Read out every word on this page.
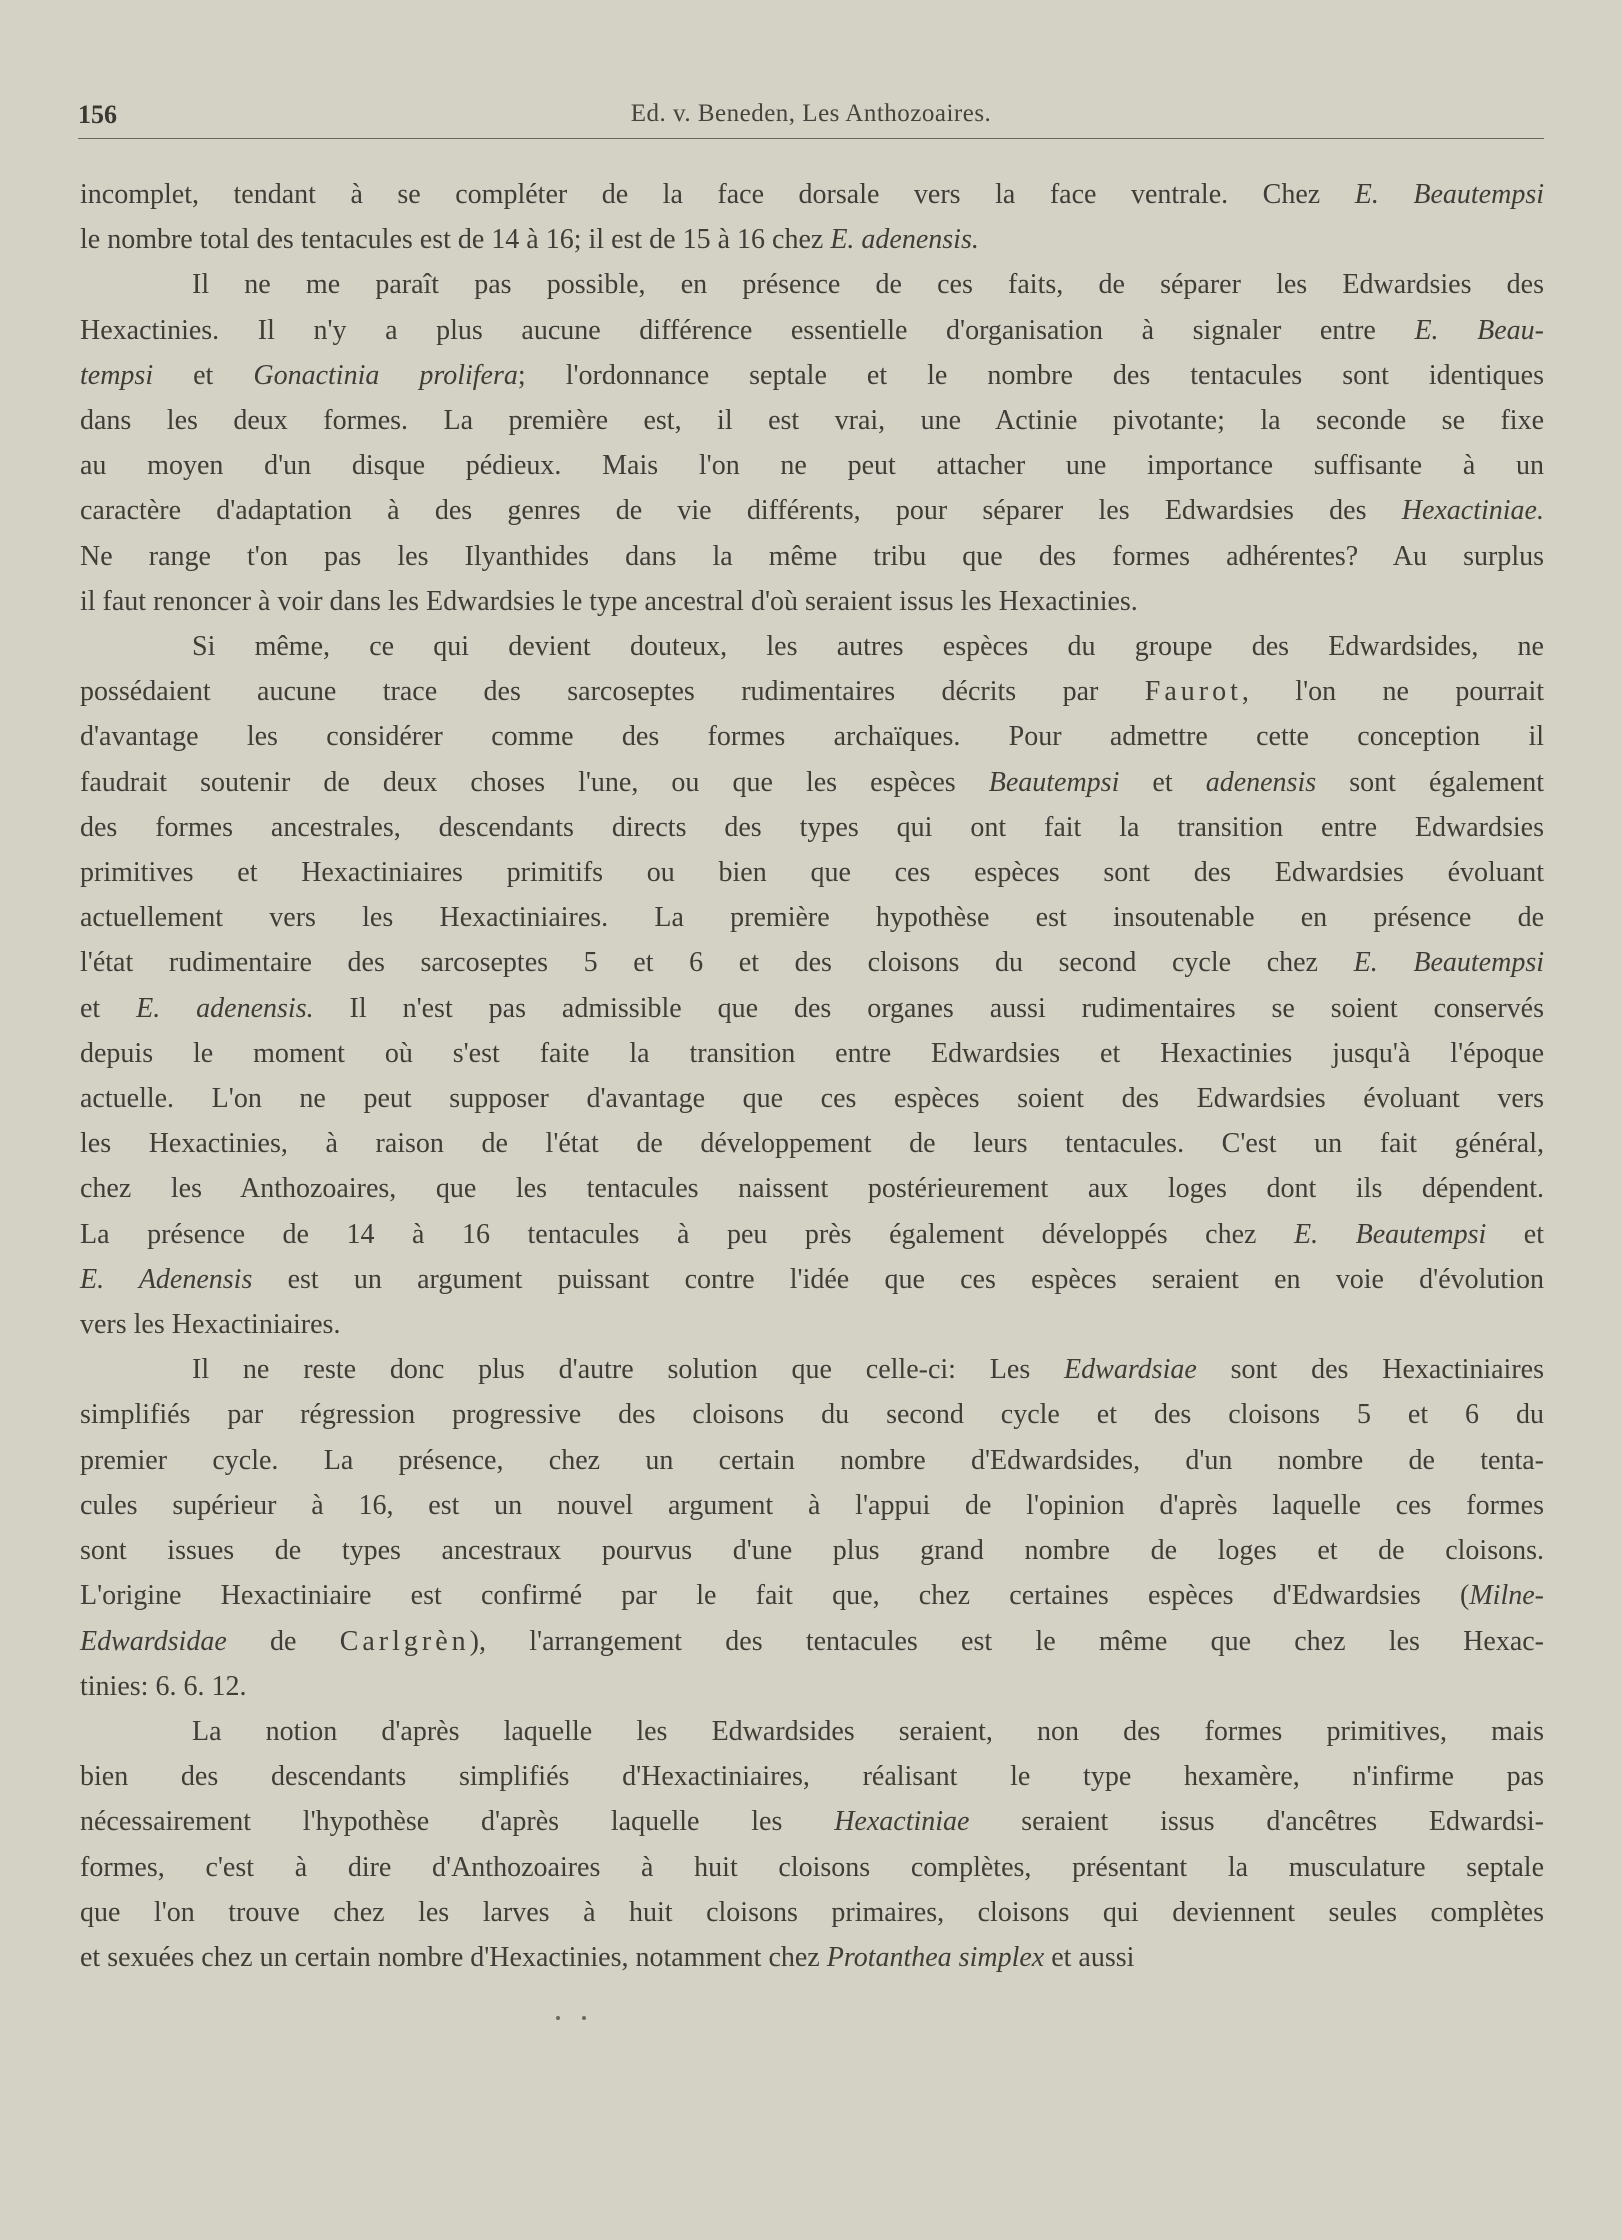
156	Ed. v. Beneden, Les Anthozoaires.

incomplet, tendant à se compléter de la face dorsale vers la face ventrale. Chez E. Beautempsi
le nombre total des tentacules est de 14 à 16; il est de 15 à 16 chez E. adenensis.

Il ne me paraît pas possible, en présence de ces faits, de séparer les Edwardsies des
Hexactinies. Il n'y a plus aucune différence essentielle d'organisation à signaler entre E. Beau-
tempsi et Gonactinia prolifera; l'ordonnance septale et le nombre des tentacules sont identiques
dans les deux formes. La première est, il est vrai, une Actinie pivotante; la seconde se fixe
au moyen d'un disque pédieux. Mais l'on ne peut attacher une importance suffisante à un
caractère d'adaptation à des genres de vie différents, pour séparer les Edwardsies des Hexactiniae.
Ne range t'on pas les Ilyanthides dans la même tribu que des formes adhérentes? Au surplus
il faut renoncer à voir dans les Edwardsies le type ancestral d'où seraient issus les Hexactinies.

Si même, ce qui devient douteux, les autres espèces du groupe des Edwardsides, ne
possédaient aucune trace des sarcoseptes rudimentaires décrits par Faurot, l'on ne pourrait
d'avantage les considérer comme des formes archaïques. Pour admettre cette conception il
faudrait soutenir de deux choses l'une, ou que les espèces Beautempsi et adenensis sont également
des formes ancestrales, descendants directs des types qui ont fait la transition entre Edwardsies
primitives et Hexactiniaires primitifs ou bien que ces espèces sont des Edwardsies évoluant
actuellement vers les Hexactiniaires. La première hypothèse est insoutenable en présence de
l'état rudimentaire des sarcoseptes 5 et 6 et des cloisons du second cycle chez E. Beautempsi
et E. adenensis. Il n'est pas admissible que des organes aussi rudimentaires se soient conservés
depuis le moment où s'est faite la transition entre Edwardsies et Hexactinies jusqu'à l'époque
actuelle. L'on ne peut supposer d'avantage que ces espèces soient des Edwardsies évoluant vers
les Hexactinies, à raison de l'état de développement de leurs tentacules. C'est un fait général,
chez les Anthozoaires, que les tentacules naissent postérieurement aux loges dont ils dépendent.
La présence de 14 à 16 tentacules à peu près également développés chez E. Beautempsi et
E. Adenensis est un argument puissant contre l'idée que ces espèces seraient en voie d'évolution
vers les Hexactiniaires.

Il ne reste donc plus d'autre solution que celle-ci: Les Edwardsiae sont des Hexactiniaires
simplifiés par régression progressive des cloisons du second cycle et des cloisons 5 et 6 du
premier cycle. La présence, chez un certain nombre d'Edwardsides, d'un nombre de tenta-
cules supérieur à 16, est un nouvel argument à l'appui de l'opinion d'après laquelle ces formes
sont issues de types ancestraux pourvus d'une plus grand nombre de loges et de cloisons.
L'origine Hexactiniaire est confirmé par le fait que, chez certaines espèces d'Edwardsies (Milne-
Edwardsidae de Carlgrèn), l'arrangement des tentacules est le même que chez les Hexac-
tinies: 6. 6. 12.

La notion d'après laquelle les Edwardsides seraient, non des formes primitives, mais
bien des descendants simplifiés d'Hexactiniaires, réalisant le type hexamère, n'infirme pas
nécessairement l'hypothèse d'après laquelle les Hexactiniae seraient issus d'ancêtres Edwardsi-
formes, c'est à dire d'Anthozoaires à huit cloisons complètes, présentant la musculature septale
que l'on trouve chez les larves à huit cloisons primaires, cloisons qui deviennent seules complètes
et sexuées chez un certain nombre d'Hexactinies, notamment chez Protanthea simplex et aussi
